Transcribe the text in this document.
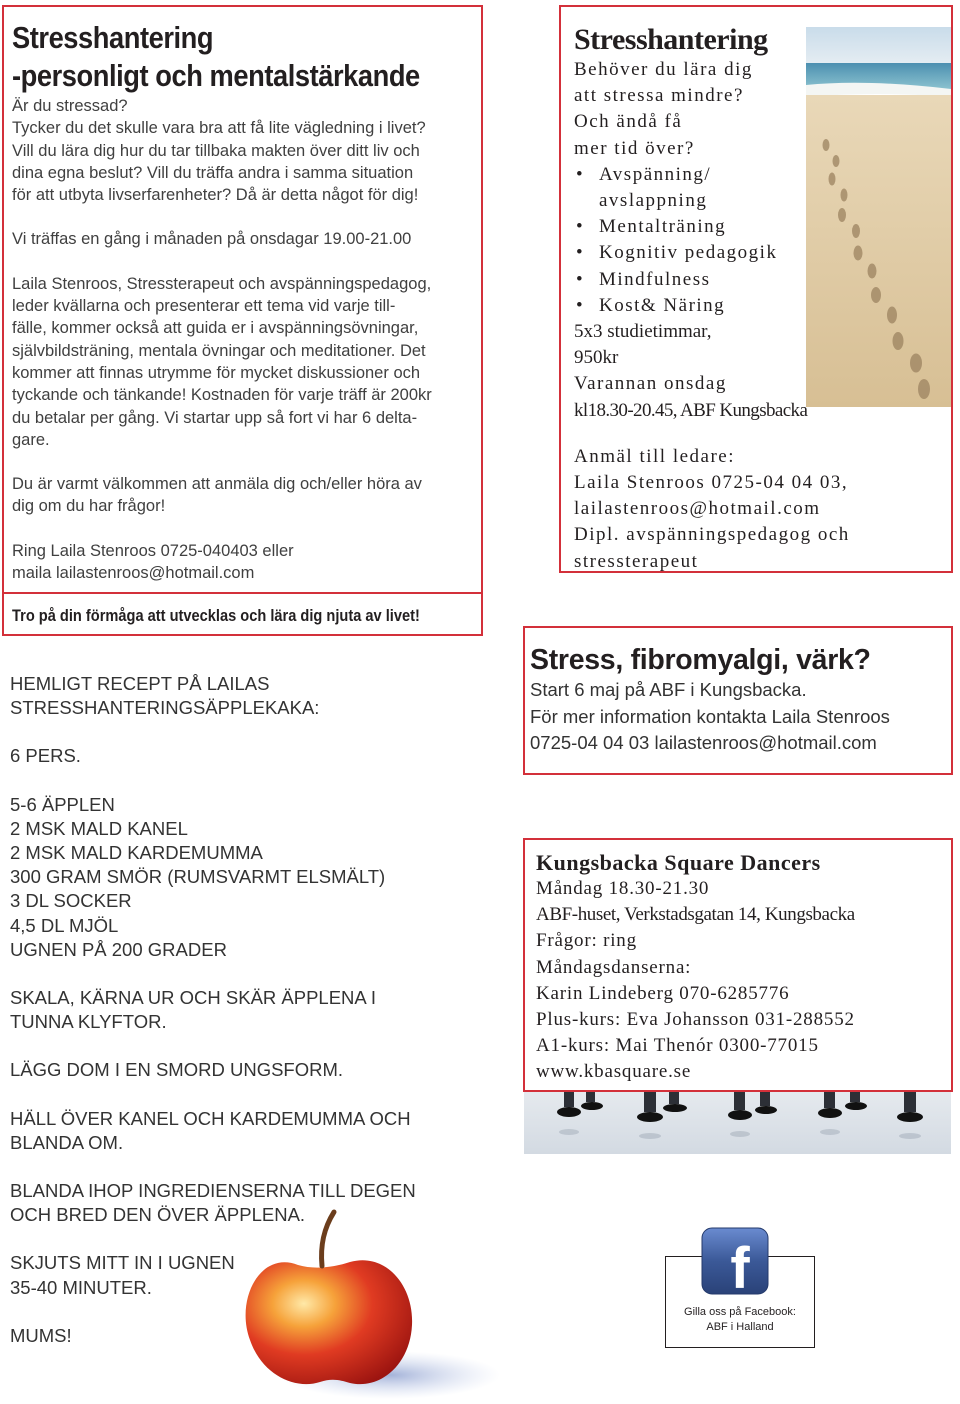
Stresshantering
-personligt och mentalstärkande

Är du stressad?

Tycker du det skulle vara bra att få lite vägledning i livet?

Vill du lära dig hur du tar tillbaka makten över ditt liv och

dina egna beslut? Vill du träffa andra i samma situation

för att utbyta livserfarenheter? Då är detta något för dig!

Vi träffas en gång i månaden på onsdagar 19.00-21.00

Laila Stenroos, Stressterapeut och avspänningspedagog,

leder kvällarna och presenterar ett tema vid varje till-

fälle, kommer också att guida er i avspänningsövningar,

självbildsträning, mentala övningar och meditationer. Det

kommer att finnas utrymme för mycket diskussioner och

tyckande och tänkande! Kostnaden för varje träff är 200kr

du betalar per gång. Vi startar upp så fort vi har 6 delta-

gare.

Du är varmt välkommen att anmäla dig och/eller höra av

dig om du har frågor!

Ring Laila Stenroos 0725-040403 eller

maila lailastenroos@hotmail.com

Tro på din förmåga att utvecklas och lära dig njuta av livet!
Stresshantering
Behöver du lära dig
att stressa mindre?
Och ändå få
mer tid över?
• Avspänning/
avslappning
• Mentalträning
• Kognitiv pedagogik
• Mindfulness
• Kost& Näring
5x3 studietimmar,
950kr
Varannan onsdag
kl18.30-20.45, ABF Kungsbacka
Anmäl till ledare:
Laila Stenroos 0725-04 04 03,
lailastenroos@hotmail.com
Dipl. avspänningspedagog och
stressterapeut

HEMLIGT RECEPT PÅ LAILAS

STRESSHANTERINGSÄPPLEKAKA:

6 PERS.

5-6 ÄPPLEN

2 MSK MALD KANEL

2 MSK MALD KARDEMUMMA

300 GRAM SMÖR (RUMSVARMT ELSMÄLT)

3 DL SOCKER

4,5 DL MJÖL

UGNEN PÅ 200 GRADER

SKALA, KÄRNA UR OCH SKÄR ÄPPLENA I

TUNNA KLYFTOR.

LÄGG DOM I EN SMORD UNGSFORM.

HÄLL ÖVER KANEL OCH KARDEMUMMA OCH

BLANDA OM.

BLANDA IHOP INGREDIENSERNA TILL DEGEN

OCH BRED DEN ÖVER ÄPPLENA.

SKJUTS MITT IN I UGNEN

35-40 MINUTER.

MUMS!

Stress, fibromyalgi, värk?
Start 6 maj på ABF i Kungsbacka.
För mer information kontakta Laila Stenroos
0725-04 04 03 lailastenroos@hotmail.com
Kungsbacka Square Dancers
Måndag 18.30-21.30
ABF-huset, Verkstadsgatan 14, Kungsbacka
Frågor: ring
Måndagsdanserna:
Karin Lindeberg 070-6285776
Plus-kurs: Eva Johansson 031-288552
A1-kurs: Mai Thenór 0300-77015
www.kbasquare.se
Gilla oss på Facebook:
ABF i Halland
f
